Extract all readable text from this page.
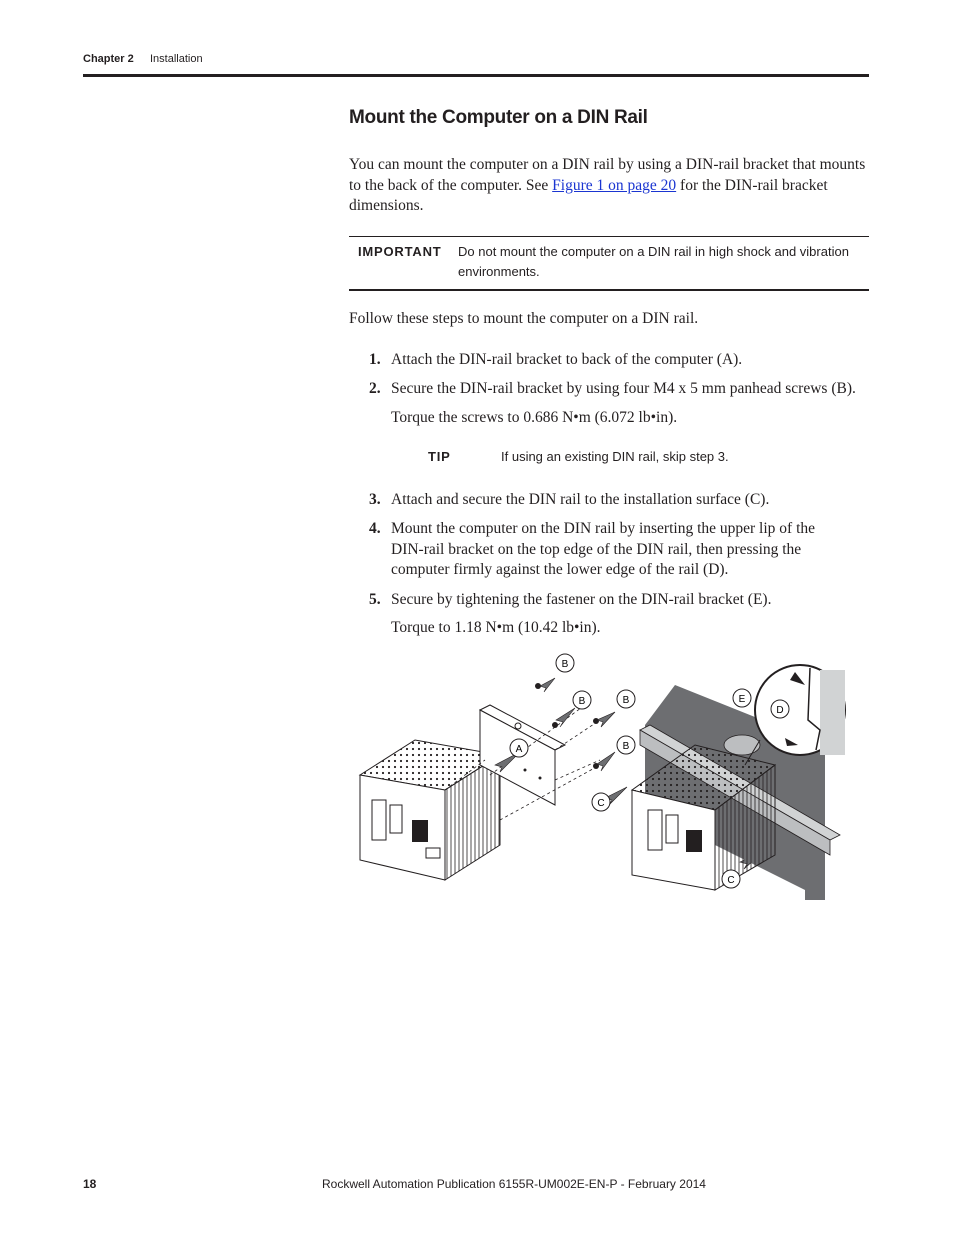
Chapter 2 Installation
Mount the Computer on a DIN Rail
You can mount the computer on a DIN rail by using a DIN-rail bracket that mounts to the back of the computer. See Figure 1 on page 20 for the DIN-rail bracket dimensions.
IMPORTANT Do not mount the computer on a DIN rail in high shock and vibration environments.
Follow these steps to mount the computer on a DIN rail.
1. Attach the DIN-rail bracket to back of the computer (A).
2. Secure the DIN-rail bracket by using four M4 x 5 mm panhead screws (B).
Torque the screws to 0.686 N•m (6.072 lb•in).
TIP	If using an existing DIN rail, skip step 3.
3. Attach and secure the DIN rail to the installation surface (C).
4. Mount the computer on the DIN rail by inserting the upper lip of the DIN-rail bracket on the top edge of the DIN rail, then pressing the computer firmly against the lower edge of the rail (D).
5. Secure by tightening the fastener on the DIN-rail bracket (E).
Torque to 1.18 N•m (10.42 lb•in).
B
B	B
B
A
C
C
E
D
18	Rockwell Automation Publication 6155R-UM002E-EN-P - February 2014
